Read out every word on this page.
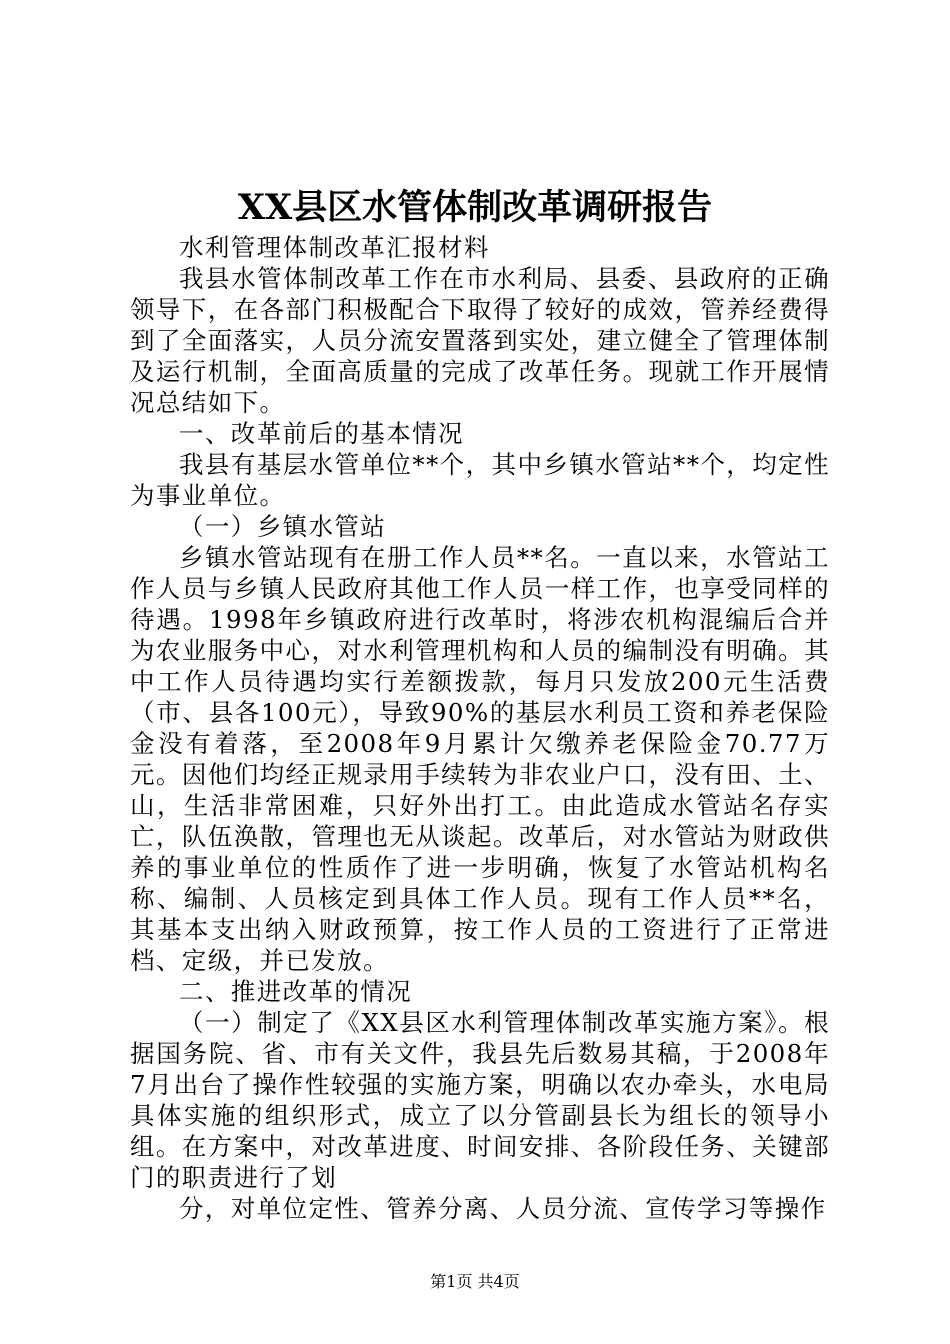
XX县区水管体制改革调研报告

水利管理体制改革汇报材料

我县水管体制改革工作在市水利局、县委、县政府的正确领导下，在各部门积极配合下取得了较好的成效，管养经费得到了全面落实，人员分流安置落到实处，建立健全了管理体制及运行机制，全面高质量的完成了改革任务。现就工作开展情况总结如下。

一、改革前后的基本情况

我县有基层水管单位**个，其中乡镇水管站**个，均定性为事业单位。

（一）乡镇水管站

乡镇水管站现有在册工作人员**名。一直以来，水管站工作人员与乡镇人民政府其他工作人员一样工作，也享受同样的待遇。1998年乡镇政府进行改革时，将涉农机构混编后合并为农业服务中心，对水利管理机构和人员的编制没有明确。其中工作人员待遇均实行差额拨款，每月只发放200元生活费（市、县各100元），导致90%的基层水利员工资和养老保险金没有着落，至2008年9月累计欠缴养老保险金70.77万元。因他们均经正规录用手续转为非农业户口，没有田、土、山，生活非常困难，只好外出打工。由此造成水管站名存实亡，队伍涣散，管理也无从谈起。改革后，对水管站为财政供养的事业单位的性质作了进一步明确，恢复了水管站机构名称、编制、人员核定到具体工作人员。现有工作人员**名，其基本支出纳入财政预算，按工作人员的工资进行了正常进档、定级，并已发放。

二、推进改革的情况

（一）制定了《XX县区水利管理体制改革实施方案》。根据国务院、省、市有关文件，我县先后数易其稿，于2008年7月出台了操作性较强的实施方案，明确以农办牵头，水电局具体实施的组织形式，成立了以分管副县长为组长的领导小组。在方案中，对改革进度、时间安排、各阶段任务、关键部门的职责进行了划

分，对单位定性、管养分离、人员分流、宣传学习等操作

第1页 共4页
